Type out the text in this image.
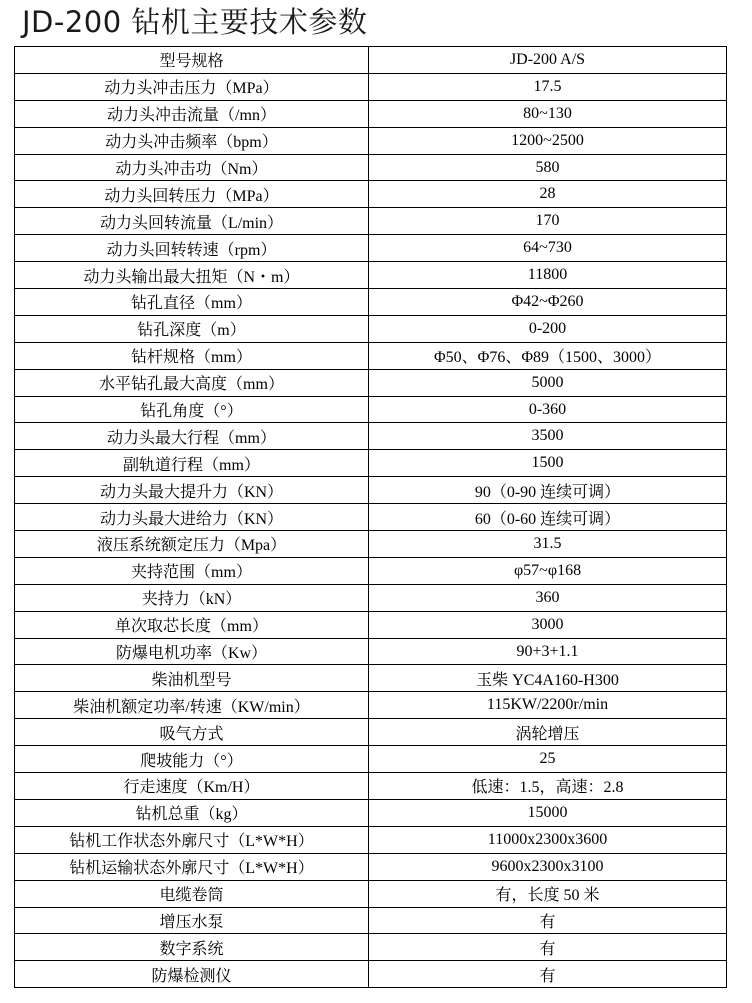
JD-200 钻机主要技术参数
型号规格	JD-200 A/S
动力头冲击压力（MPa）	17.5
动力头冲击流量（/mn）	80~130
动力头冲击频率（bpm）	1200~2500
动力头冲击功（Nm）	580
动力头回转压力（MPa）	28
动力头回转流量（L/min）	170
动力头回转转速（rpm）	64~730
动力头输出最大扭矩（N・m）	11800
钻孔直径（mm）	Φ42~Φ260
钻孔深度（m）	0-200
钻杆规格（mm）	Φ50、Φ76、Φ89（1500、3000）
水平钻孔最大高度（mm）	5000
钻孔角度（°）	0-360
动力头最大行程（mm）	3500
副轨道行程（mm）	1500
动力头最大提升力（KN）	90（0-90 连续可调）
动力头最大进给力（KN）	60（0-60 连续可调）
液压系统额定压力（Mpa）	31.5
夹持范围（mm）	φ57~φ168
夹持力（kN）	360
单次取芯长度（mm）	3000
防爆电机功率（Kw）	90+3+1.1
柴油机型号	玉柴 YC4A160-H300
柴油机额定功率/转速（KW/min）	115KW/2200r/min
吸气方式	涡轮增压
爬坡能力（°）	25
行走速度（Km/H）	低速：1.5，高速：2.8
钻机总重（kg）	15000
钻机工作状态外廓尺寸（L*W*H）	11000x2300x3600
钻机运输状态外廓尺寸（L*W*H）	9600x2300x3100
电缆卷筒	有，长度 50 米
增压水泵	有
数字系统	有
防爆检测仪	有
